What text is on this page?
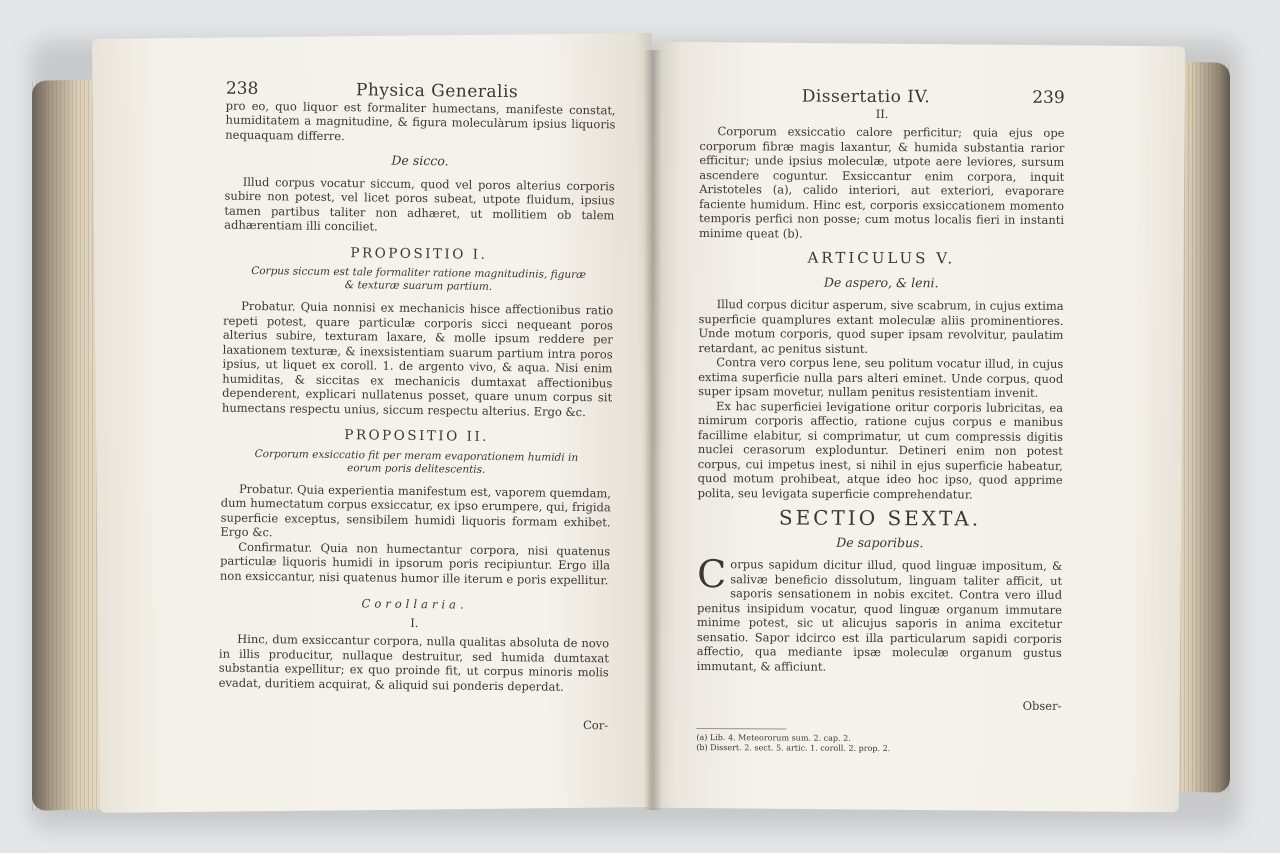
238	Physica Generalis

pro eo, quo liquor est formaliter humectans, manifeste constat, humiditatem a magnitudine, & figura moleculàrum ipsius liquoris nequaquam differre.

De sicco.

Illud corpus vocatur siccum, quod vel poros alterius corporis subire non potest, vel licet poros subeat, utpote fluidum, ipsius tamen partibus taliter non adhæret, ut mollitiem ob talem adhærentiam illi conciliet.

PROPOSITIO I.
Corpus siccum est tale formaliter ratione magnitudinis, figuræ & texturæ suarum partium.

Probatur. Quia nonnisi ex mechanicis hisce affectionibus ratio repeti potest, quare particulæ corporis sicci nequeant poros alterius subire, texturam laxare, & molle ipsum reddere per laxationem texturæ, & inexsistentiam suarum partium intra poros ipsius, ut liquet ex coroll. 1. de argento vivo, & aqua. Nisi enim humiditas, & siccitas ex mechanicis dumtaxat affectionibus dependerent, explicari nullatenus posset, quare unum corpus sit humectans respectu unius, siccum respectu alterius. Ergo &c.

PROPOSITIO II.
Corporum exsiccatio fit per meram evaporationem humidi in eorum poris delitescentis.

Probatur. Quia experientia manifestum est, vaporem quemdam, dum humectatum corpus exsiccatur, ex ipso erumpere, qui, frigida superficie exceptus, sensibilem humidi liquoris formam exhibet. Ergo &c.

Confirmatur. Quia non humectantur corpora, nisi quatenus particulæ liquoris humidi in ipsorum poris recipiuntur. Ergo illa non exsiccantur, nisi quatenus humor ille iterum e poris expellitur.

Corollaria.
I.

Hinc, dum exsiccantur corpora, nulla qualitas absoluta de novo in illis producitur, nullaque destruitur, sed humida dumtaxat substantia expellitur; ex quo proinde fit, ut corpus minoris molis evadat, duritiem acquirat, & aliquid sui ponderis deperdat.

Cor-
Dissertatio IV.	239
II.

Corporum exsiccatio calore perficitur; quia ejus ope corporum fibræ magis laxantur, & humida substantia rarior efficitur; unde ipsius moleculæ, utpote aere leviores, sursum ascendere coguntur. Exsiccantur enim corpora, inquit Aristoteles (a), calido interiori, aut exteriori, evaporare faciente humidum. Hinc est, corporis exsiccationem momento temporis perfici non posse; cum motus localis fieri in instanti minime queat (b).

ARTICULUS V.
De aspero, & leni.

Illud corpus dicitur asperum, sive scabrum, in cujus extima superficie quamplures extant moleculæ aliis prominentiores. Unde motum corporis, quod super ipsam revolvitur, paulatim retardant, ac penitus sistunt.

Contra vero corpus lene, seu politum vocatur illud, in cujus extima superficie nulla pars alteri eminet. Unde corpus, quod super ipsam movetur, nullam penitus resistentiam invenit.

Ex hac superficiei levigatione oritur corporis lubricitas, ea nimirum corporis affectio, ratione cujus corpus e manibus facillime elabitur, si comprimatur, ut cum compressis digitis nuclei cerasorum exploduntur. Detineri enim non potest corpus, cui impetus inest, si nihil in ejus superficie habeatur, quod motum prohibeat, atque ideo hoc ipso, quod apprime polita, seu levigata superficie comprehendatur.

SECTIO SEXTA.
De saporibus.

Corpus sapidum dicitur illud, quod linguæ impositum, & salivæ beneficio dissolutum, linguam taliter afficit, ut saporis sensationem in nobis excitet. Contra vero illud penitus insipidum vocatur, quod linguæ organum immutare minime potest, sic ut alicujus saporis in anima excitetur sensatio. Sapor idcirco est illa particularum sapidi corporis affectio, qua mediante ipsæ moleculæ organum gustus immutant, & afficiunt.

Obser-
(a) Lib. 4. Meteororum sum. 2. cap. 2.
(b) Dissert. 2. sect. 5. artic. 1. coroll. 2. prop. 2.
